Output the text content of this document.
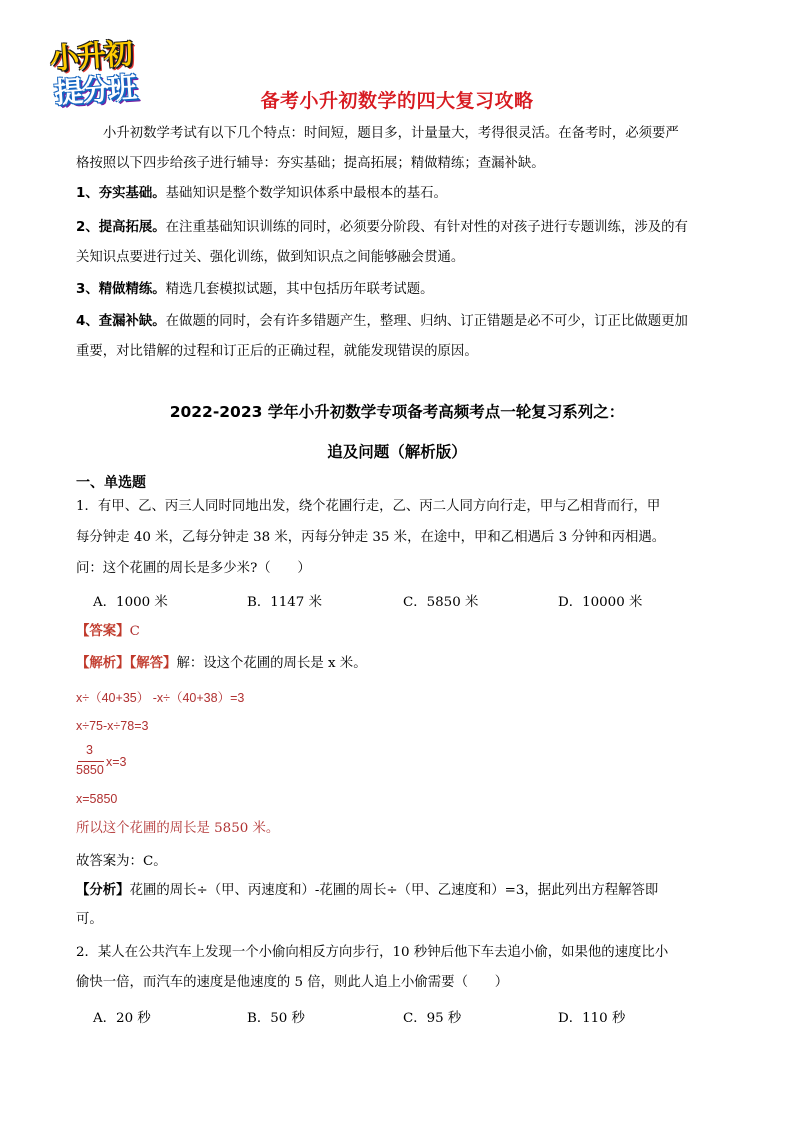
小升初
提分班	备考小升初数学的四大复习攻略
小升初数学考试有以下几个特点：时间短，题目多，计量量大，考得很灵活。在备考时，必须要严
格按照以下四步给孩子进行辅导：夯实基础；提高拓展；精做精练；查漏补缺。
1、夯实基础。基础知识是整个数学知识体系中最根本的基石。
2、提高拓展。在注重基础知识训练的同时，必须要分阶段、有针对性的对孩子进行专题训练，涉及的有
关知识点要进行过关、强化训练，做到知识点之间能够融会贯通。
3、精做精练。精选几套模拟试题，其中包括历年联考试题。
4、查漏补缺。在做题的同时，会有许多错题产生，整理、归纳、订正错题是必不可少，订正比做题更加
重要，对比错解的过程和订正后的正确过程，就能发现错误的原因。
2022-2023 学年小升初数学专项备考高频考点一轮复习系列之：
追及问题（解析版）
一、单选题
1．有甲、乙、丙三人同时同地出发，绕个花圃行走，乙、丙二人同方向行走，甲与乙相背而行，甲
每分钟走 40 米，乙每分钟走 38 米，丙每分钟走 35 米，在途中，甲和乙相遇后 3 分钟和丙相遇。
问：这个花圃的周长是多少米?（　　）
A．1000 米	B．1147 米	C．5850 米	D．10000 米
【答案】C
【解析】【解答】解：设这个花圃的周长是 x 米。
x÷（40+35） -x÷（40+38）=3
x÷75-x÷78=3
3
5850
x=3
x=5850
所以这个花圃的周长是 5850 米。
故答案为：C。
【分析】花圃的周长÷（甲、丙速度和）-花圃的周长÷（甲、乙速度和）=3，据此列出方程解答即
可。
2．某人在公共汽车上发现一个小偷向相反方向步行，10 秒钟后他下车去追小偷，如果他的速度比小
偷快一倍，而汽车的速度是他速度的 5 倍，则此人追上小偷需要（　　）
A．20 秒	B．50 秒	C．95 秒	D．110 秒
